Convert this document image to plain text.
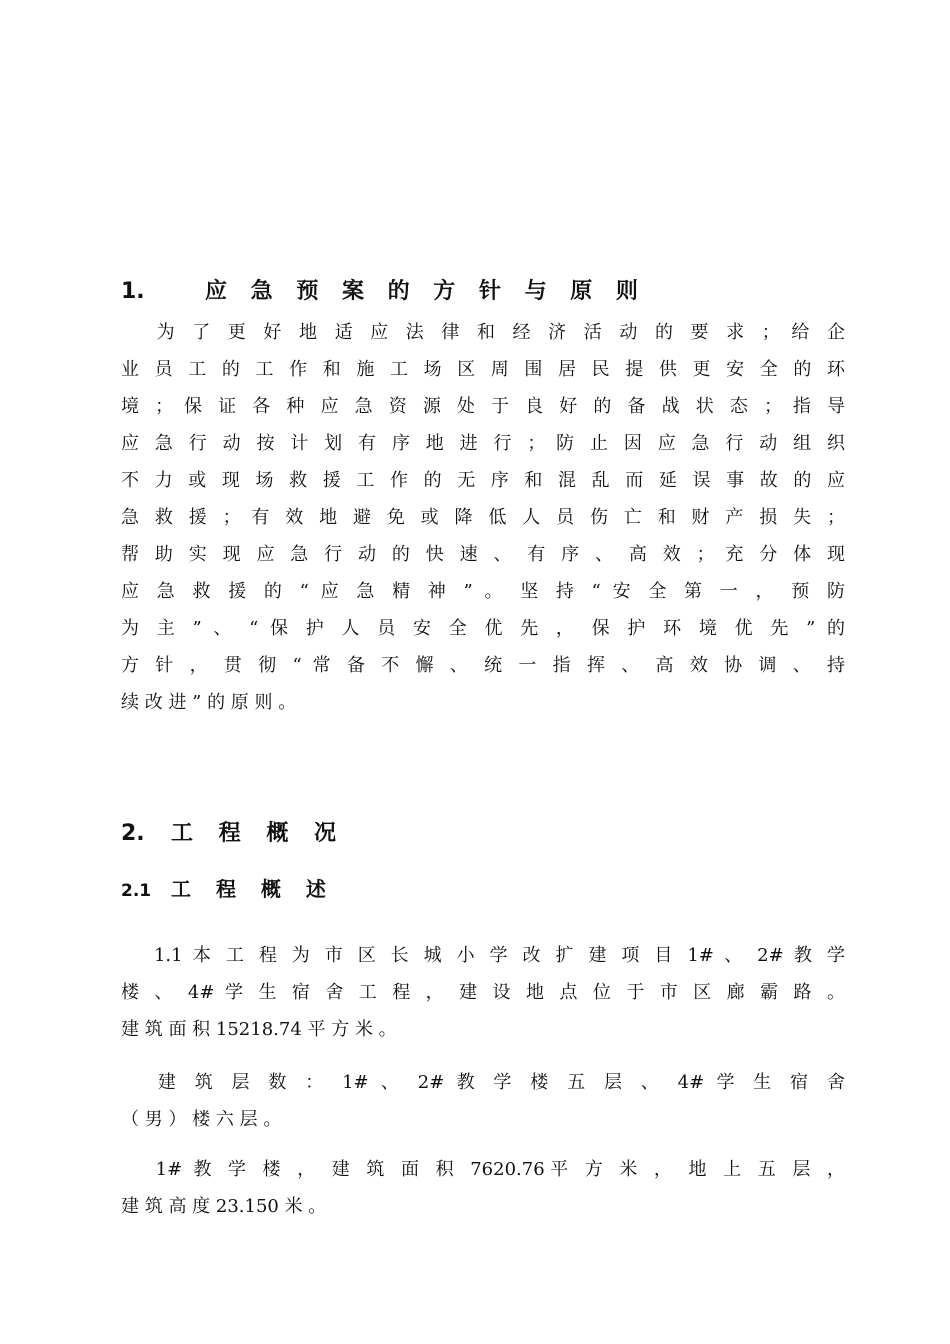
1.	应 急 预 案 的 方 针 与 原 则
　 为 了 更 好 地 适 应 法 律 和 经 济 活 动 的 要 求 ； 给 企
业 员 工 的 工 作 和 施 工 场 区 周 围 居 民 提 供 更 安 全 的 环
境 ； 保 证 各 种 应 急 资 源 处 于 良 好 的 备 战 状 态 ； 指 导
应 急 行 动 按 计 划 有 序 地 进 行 ； 防 止 因 应 急 行 动 组 织
不 力 或 现 场 救 援 工 作 的 无 序 和 混 乱 而 延 误 事 故 的 应
急 救 援 ； 有 效 地 避 免 或 降 低 人 员 伤 亡 和 财 产 损 失 ；
帮 助 实 现 应 急 行 动 的 快 速 、 有 序 、 高 效 ； 充 分 体 现
应 急 救 援 的 “ 应 急 精 神 ” 。 坚 持 “ 安 全 第 一 ， 预 防
为 主 ” 、 “ 保 护 人 员 安 全 优 先 ， 保 护 环 境 优 先 ” 的
方 针 ， 贯 彻 “ 常 备 不 懈 、 统 一 指 挥 、 高 效 协 调 、 持
续 改 进 ” 的 原 则 。
2. 工 程 概 况
2.1 工 程 概 述
　 1.1 本 工 程 为 市 区 长 城 小 学 改 扩 建 项 目 1# 、 2# 教 学
楼 、 4# 学 生 宿 舍 工 程 ， 建 设 地 点 位 于 市 区 廊 霸 路 。
建 筑 面 积 15218.74 平 方 米 。
　 建 筑 层 数 ： 1# 、 2# 教 学 楼 五 层 、 4# 学 生 宿 舍
（ 男 ） 楼 六 层 。
　 1# 教 学 楼 ， 建 筑 面 积 7620.76平 方 米 ， 地 上 五 层 ，
建 筑 高 度 23.150 米 。
